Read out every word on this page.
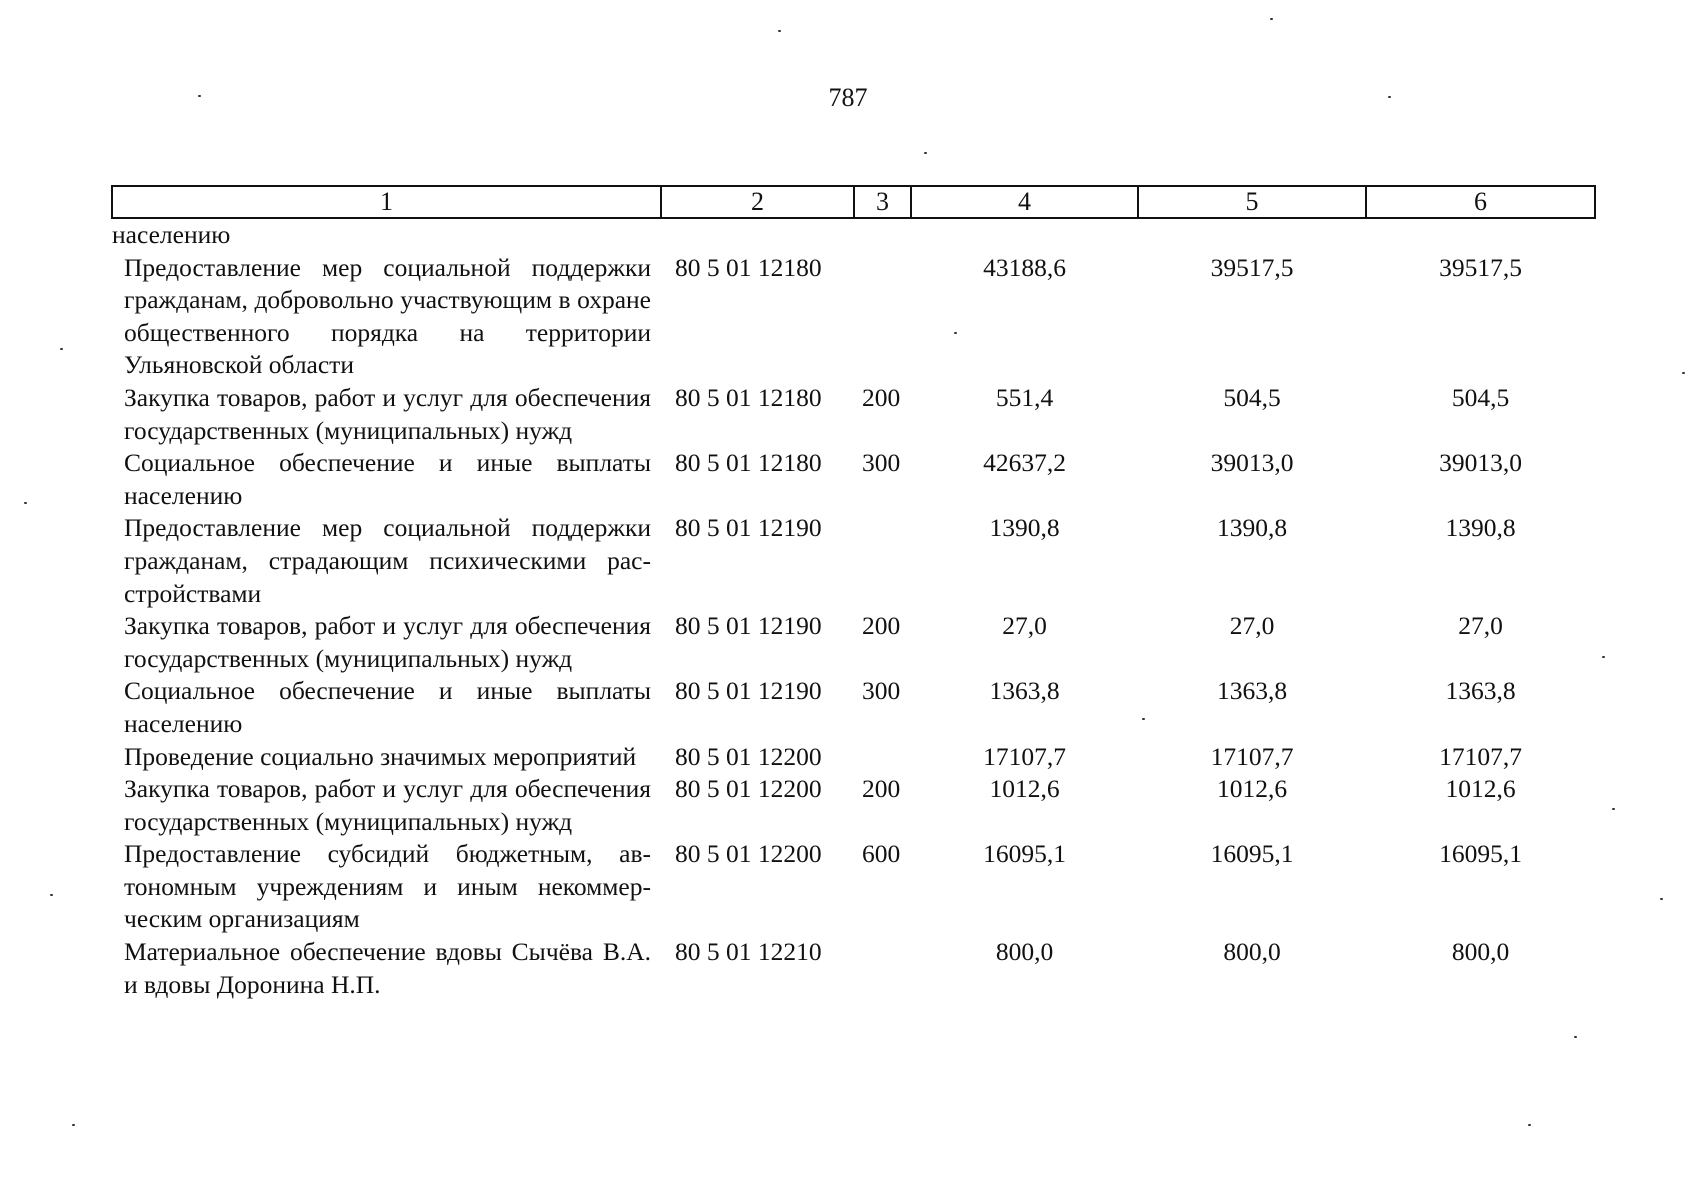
787
1	2	3	4	5	6
населению					
Предоставление мер социальной поддержки гражданам, добровольно участвующим в охране общественного порядка на территории Ульяновской области	80 5 01 12180		43188,6	39517,5	39517,5
Закупка товаров, работ и услуг для обеспечения государственных (муниципальных) нужд	80 5 01 12180	200	551,4	504,5	504,5
Социальное обеспечение и иные выплаты населению	80 5 01 12180	300	42637,2	39013,0	39013,0
Предоставление мер социальной поддержки гражданам, страдающим психическими расстройствами	80 5 01 12190		1390,8	1390,8	1390,8
Закупка товаров, работ и услуг для обеспечения государственных (муниципальных) нужд	80 5 01 12190	200	27,0	27,0	27,0
Социальное обеспечение и иные выплаты населению	80 5 01 12190	300	1363,8	1363,8	1363,8
Проведение социально значимых мероприятий	80 5 01 12200		17107,7	17107,7	17107,7
Закупка товаров, работ и услуг для обеспечения государственных (муниципальных) нужд	80 5 01 12200	200	1012,6	1012,6	1012,6
Предоставление субсидий бюджетным, автономным учреждениям и иным некоммерческим организациям	80 5 01 12200	600	16095,1	16095,1	16095,1
Материальное обеспечение вдовы Сычёва В.А. и вдовы Доронина Н.П.	80 5 01 12210		800,0	800,0	800,0
